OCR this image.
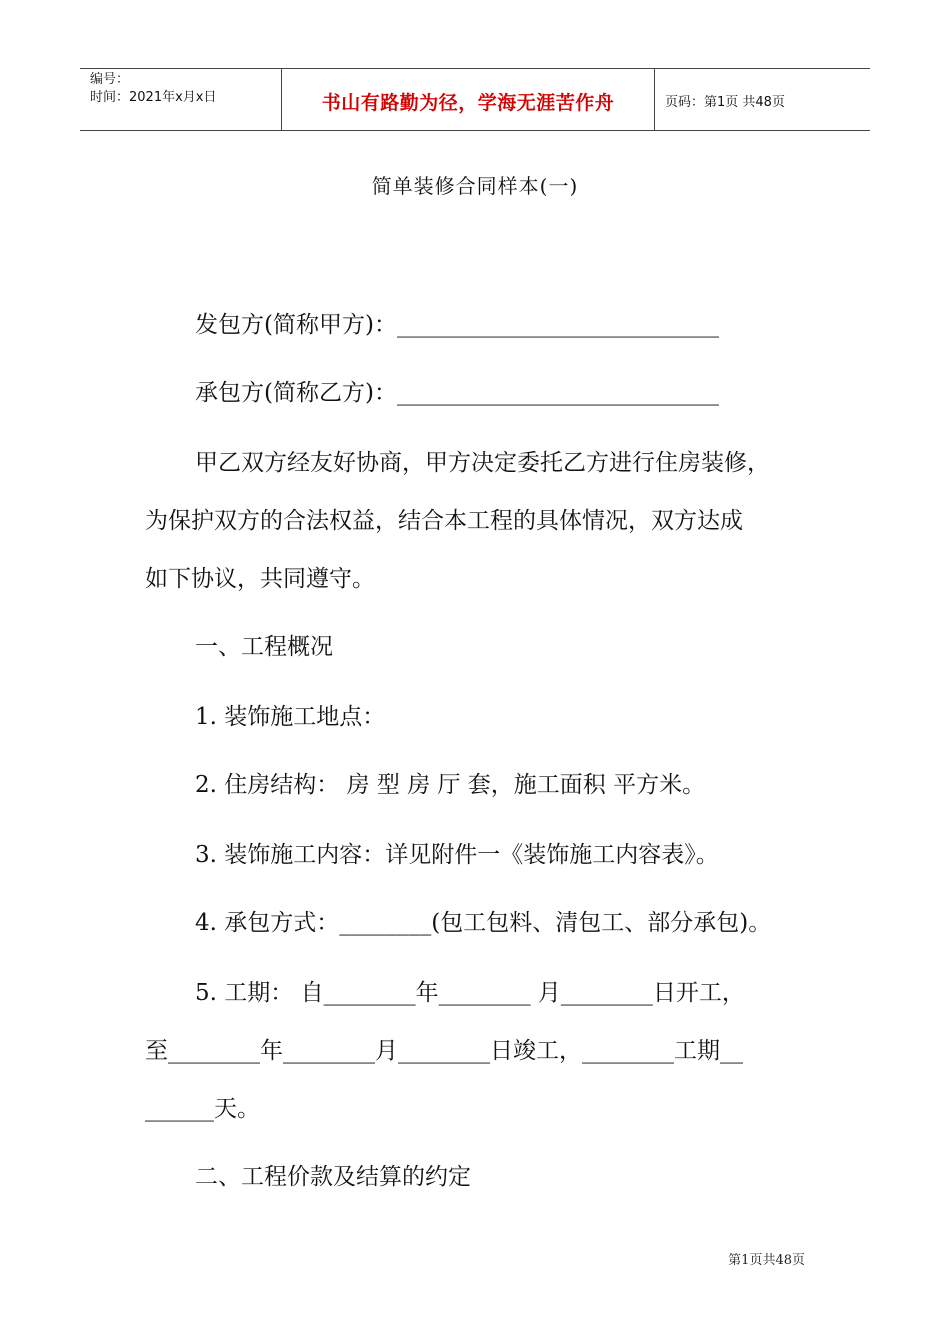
编号：
时间：2021年x月x日	书山有路勤为径，学海无涯苦作舟	页码：第1页 共48页
简单装修合同样本(一)
发包方(简称甲方)：____________________________
承包方(简称乙方)：____________________________
甲乙双方经友好协商，甲方决定委托乙方进行住房装修，
为保护双方的合法权益，结合本工程的具体情况，双方达成
如下协议，共同遵守。
一、工程概况
1. 装饰施工地点：
2. 住房结构： 房 型 房 厅 套，施工面积 平方米。
3. 装饰施工内容：详见附件一《装饰施工内容表》。
4. 承包方式：________(包工包料、清包工、部分承包)。
5. 工期： 自________年________ 月________日开工，
至________年________月________日竣工，________工期__
______天。
二、工程价款及结算的约定
第1页共48页
